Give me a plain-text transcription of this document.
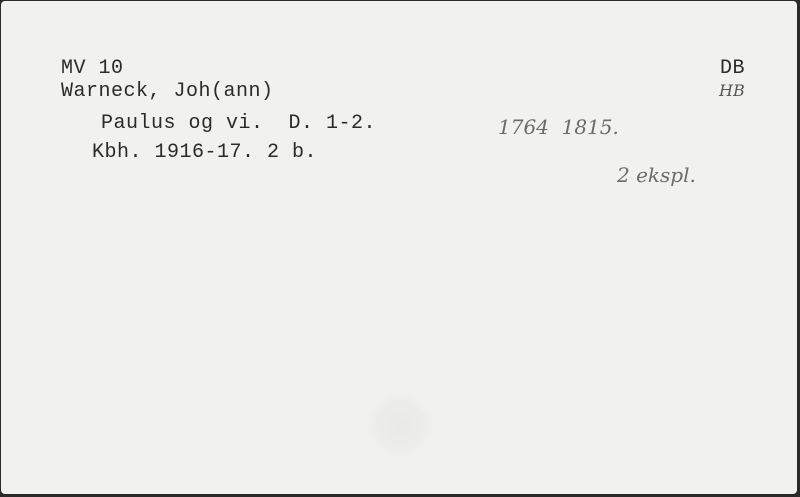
MV 10	DB
HB
Warneck, Joh(ann)
Paulus og vi.  D. 1-2.
Kbh. 1916-17. 2 b.
1764  1815.
2 ekspl.
